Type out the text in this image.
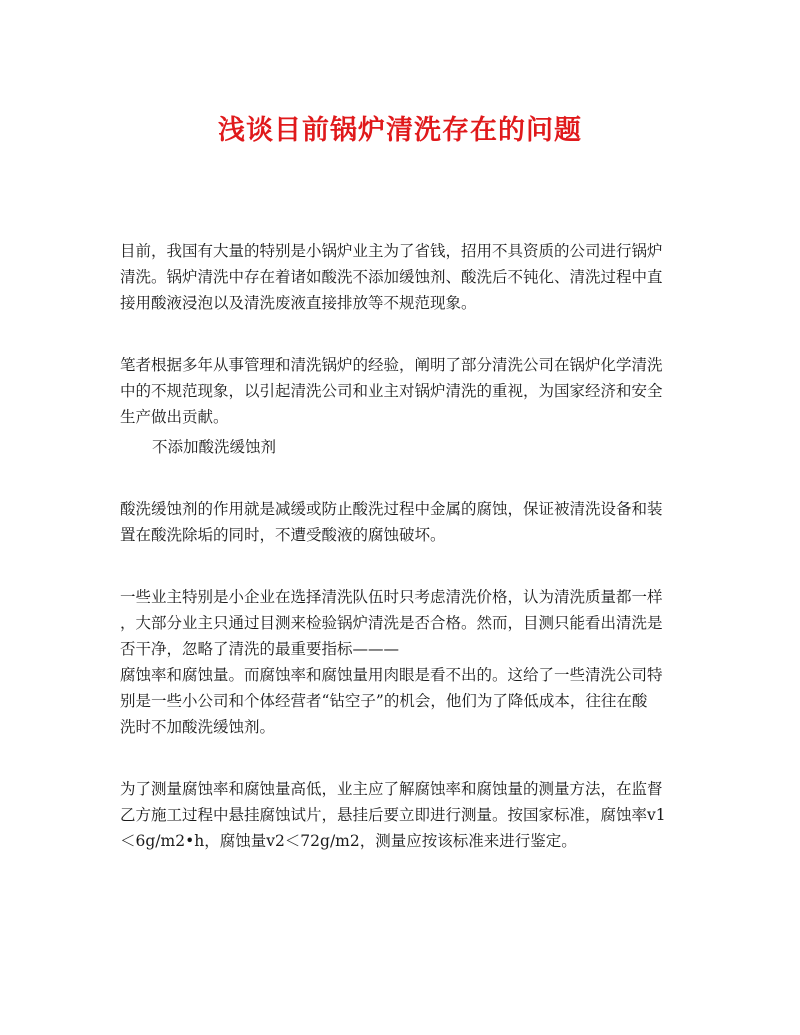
浅谈目前锅炉清洗存在的问题
目前，我国有大量的特别是小锅炉业主为了省钱，招用不具资质的公司进行锅炉
清洗。锅炉清洗中存在着诸如酸洗不添加缓蚀剂、酸洗后不钝化、清洗过程中直
接用酸液浸泡以及清洗废液直接排放等不规范现象。
笔者根据多年从事管理和清洗锅炉的经验，阐明了部分清洗公司在锅炉化学清洗
中的不规范现象，以引起清洗公司和业主对锅炉清洗的重视，为国家经济和安全
生产做出贡献。
不添加酸洗缓蚀剂
酸洗缓蚀剂的作用就是减缓或防止酸洗过程中金属的腐蚀，保证被清洗设备和装
置在酸洗除垢的同时，不遭受酸液的腐蚀破坏。
一些业主特别是小企业在选择清洗队伍时只考虑清洗价格，认为清洗质量都一样
，大部分业主只通过目测来检验锅炉清洗是否合格。然而，目测只能看出清洗是
否干净，忽略了清洗的最重要指标———
腐蚀率和腐蚀量。而腐蚀率和腐蚀量用肉眼是看不出的。这给了一些清洗公司特
别是一些小公司和个体经营者“钻空子”的机会，他们为了降低成本，往往在酸
洗时不加酸洗缓蚀剂。
为了测量腐蚀率和腐蚀量高低，业主应了解腐蚀率和腐蚀量的测量方法，在监督
乙方施工过程中悬挂腐蚀试片，悬挂后要立即进行测量。按国家标准，腐蚀率v1
＜6g/m2•h，腐蚀量v2＜72g/m2，测量应按该标准来进行鉴定。
